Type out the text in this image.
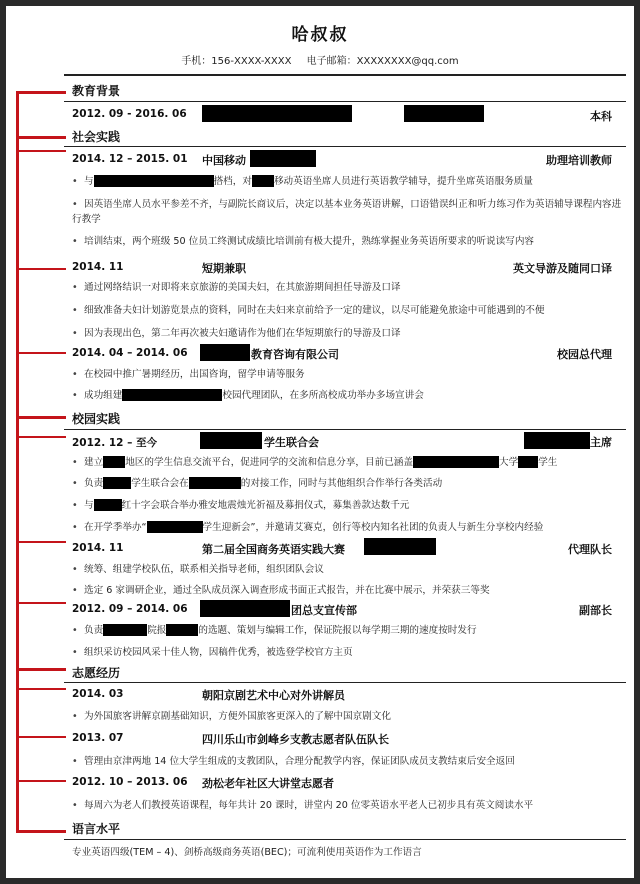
哈叔叔
手机：156-XXXX-XXXX 电子邮箱：XXXXXXXX@qq.com
教育背景
2012. 09 - 2016. 06	本科
社会实践
2014. 12 – 2015. 01 中国移动	助理培训教师
• 与	搭档，对 移动英语坐席人员进行英语教学辅导，提升坐席英语服务质量
• 因英语坐席人员水平参差不齐，与副院长商议后，决定以基本业务英语讲解，口语错误纠正和听力练习作为英语辅导课程内容进行教学
• 培训结束，两个班级 50 位员工终测试成绩比培训前有极大提升，熟练掌握业务英语所要求的听说读写内容
2014. 11	短期兼职	英文导游及随同口译
• 通过网络结识一对即将来京旅游的美国夫妇，在其旅游期间担任导游及口译
• 细致准备夫妇计划游览景点的资料，同时在夫妇来京前给予一定的建议，以尽可能避免旅途中可能遇到的不便
• 因为表现出色，第二年再次被夫妇邀请作为他们在华短期旅行的导游及口译
2014. 04 – 2014. 06	教育咨询有限公司	校园总代理
• 在校园中推广暑期经历，出国咨询，留学申请等服务
• 成功组建	校园代理团队，在多所高校成功举办多场宣讲会
校园实践
2012. 12 – 至今	学生联合会	主席
• 建立 地区的学生信息交流平台，促进同学的交流和信息分享，目前已涵盖	大学 学生
• 负责	学生联合会在	的对接工作，同时与其他组织合作举行各类活动
• 与	红十字会联合举办雅安地震烛光祈福及募捐仪式，募集善款达数千元
• 在开学季举办“	学生迎新会”，并邀请艾赛克，创行等校内知名社团的负责人与新生分享校内经验
2014. 11	第二届全国商务英语实践大赛	代理队长
• 统筹、组建学校队伍，联系相关指导老师，组织团队会议
• 选定 6 家调研企业，通过全队成员深入调查形成书面正式报告，并在比赛中展示，并荣获三等奖
2012. 09 – 2014. 06	团总支宣传部	副部长
• 负责	院报	的选题、策划与编辑工作，保证院报以每学期三期的速度按时发行
• 组织采访校园风采十佳人物，因稿件优秀，被选登学校官方主页
志愿经历
2014. 03	朝阳京剧艺术中心对外讲解员
• 为外国旅客讲解京剧基础知识，方便外国旅客更深入的了解中国京剧文化
2013. 07	四川乐山市剑峰乡支教志愿者队伍队长
• 管理由京津两地 14 位大学生组成的支教团队，合理分配教学内容，保证团队成员支教结束后安全返回
2012. 10 – 2013. 06 劲松老年社区大讲堂志愿者
• 每周六为老人们教授英语课程，每年共计 20 课时，讲堂内 20 位零英语水平老人已初步具有英文阅读水平
语言水平
专业英语四级(TEM – 4)、剑桥高级商务英语(BEC)；可流利使用英语作为工作语言
